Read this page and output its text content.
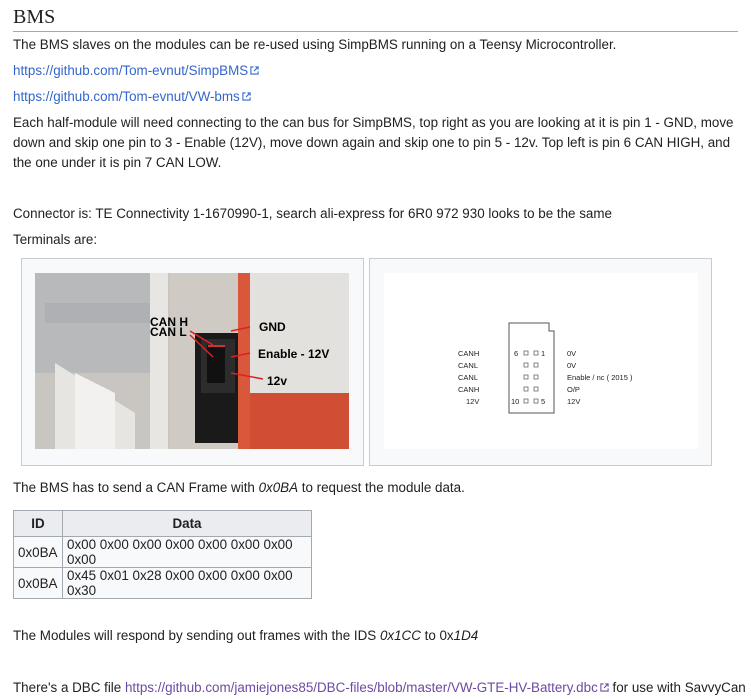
BMS

The BMS slaves on the modules can be re-used using SimpBMS running on a Teensy Microcontroller.

https://github.com/Tom-evnut/SimpBMS

https://github.com/Tom-evnut/VW-bms

Each half-module will need connecting to the can bus for SimpBMS, top right as you are looking at it is pin 1 - GND, move down and skip one pin to 3 - Enable (12V), move down again and skip one to pin 5 - 12v. Top left is pin 6 CAN HIGH, and the one under it is pin 7 CAN LOW.

Connector is: TE Connectivity 1-1670990-1, search ali-express for 6R0 972 930 looks to be the same

Terminals are:

CAN H
CAN L	GND
Enable - 12V
12v
CANH
CANL
CANL
CANH
12V
0V
0V
Enable / nc ( 2015 )
O/P
12V
6	1
10	5

The BMS has to send a CAN Frame with 0x0BA to request the module data.

ID	Data
0x0BA	0x00 0x00 0x00 0x00 0x00 0x00 0x00 0x00
0x0BA	0x45 0x01 0x28 0x00 0x00 0x00 0x00 0x30

The Modules will respond by sending out frames with the IDS 0x1CC to 0x1D4

There's a DBC file https://github.com/jamiejones85/DBC-files/blob/master/VW-GTE-HV-Battery.dbc
for use with SavvyCan
